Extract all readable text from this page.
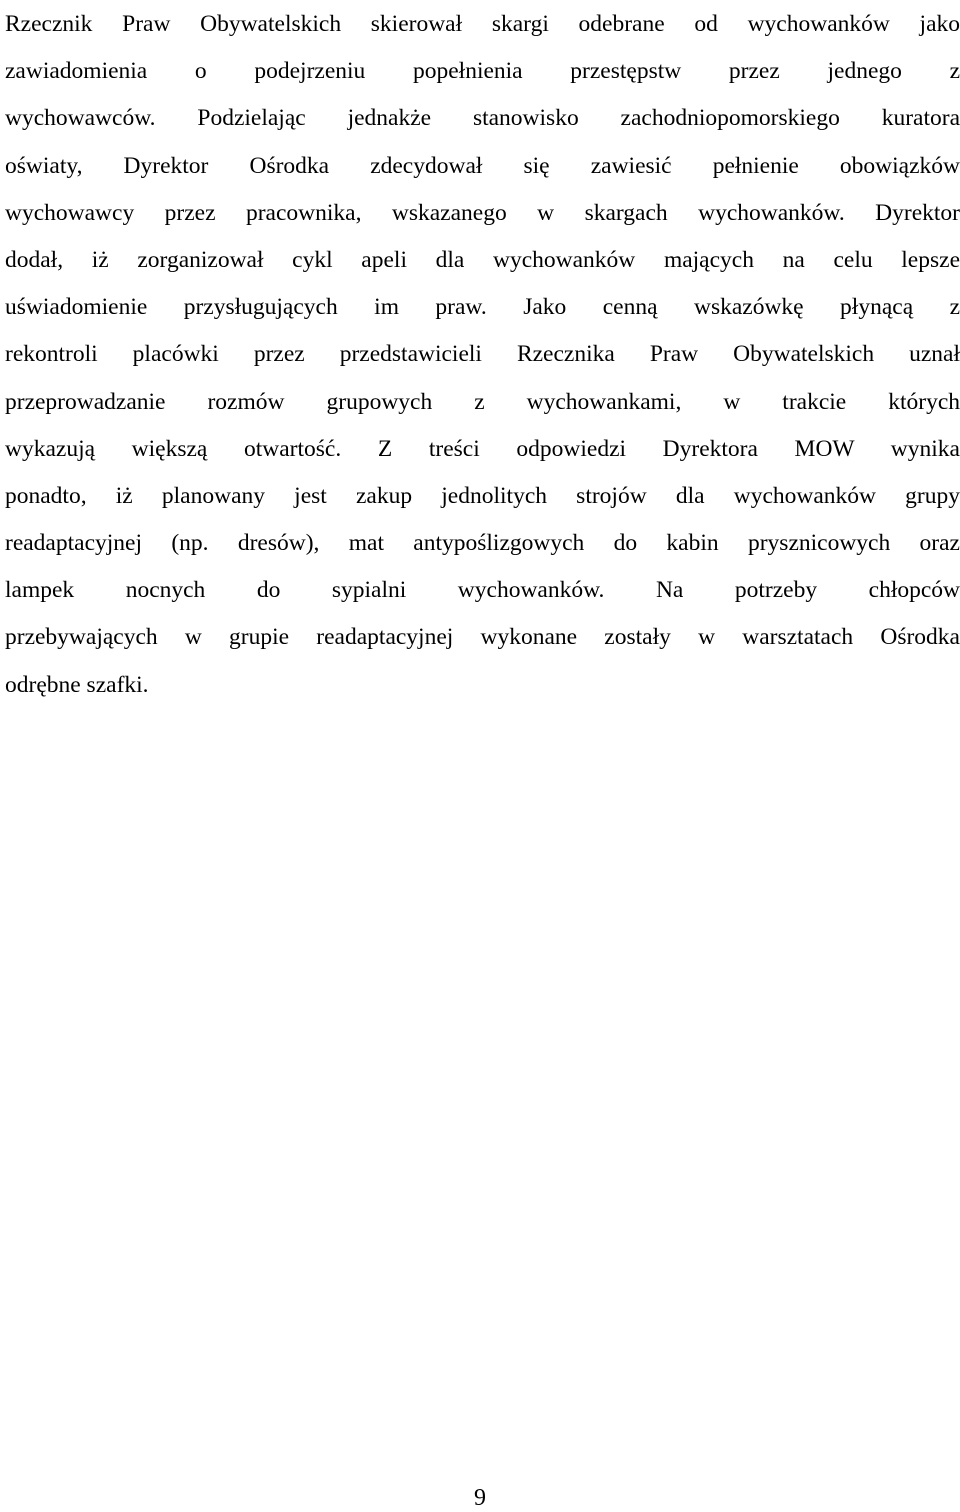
Rzecznik Praw Obywatelskich skierował skargi odebrane od wychowanków jako
zawiadomienia o podejrzeniu popełnienia przestępstw przez jednego z
wychowawców. Podzielając jednakże stanowisko zachodniopomorskiego kuratora
oświaty, Dyrektor Ośrodka zdecydował się zawiesić pełnienie obowiązków
wychowawcy przez pracownika, wskazanego w skargach wychowanków. Dyrektor
dodał, iż zorganizował cykl apeli dla wychowanków mających na celu lepsze
uświadomienie przysługujących im praw. Jako cenną wskazówkę płynącą z
rekontroli placówki przez przedstawicieli Rzecznika Praw Obywatelskich uznał
przeprowadzanie rozmów grupowych z wychowankami, w trakcie których
wykazują większą otwartość. Z treści odpowiedzi Dyrektora MOW wynika
ponadto, iż planowany jest zakup jednolitych strojów dla wychowanków grupy
readaptacyjnej (np. dresów), mat antypoślizgowych do kabin prysznicowych oraz
lampek nocnych do sypialni wychowanków. Na potrzeby chłopców
przebywających w grupie readaptacyjnej wykonane zostały w warsztatach Ośrodka
odrębne szafki.
9
